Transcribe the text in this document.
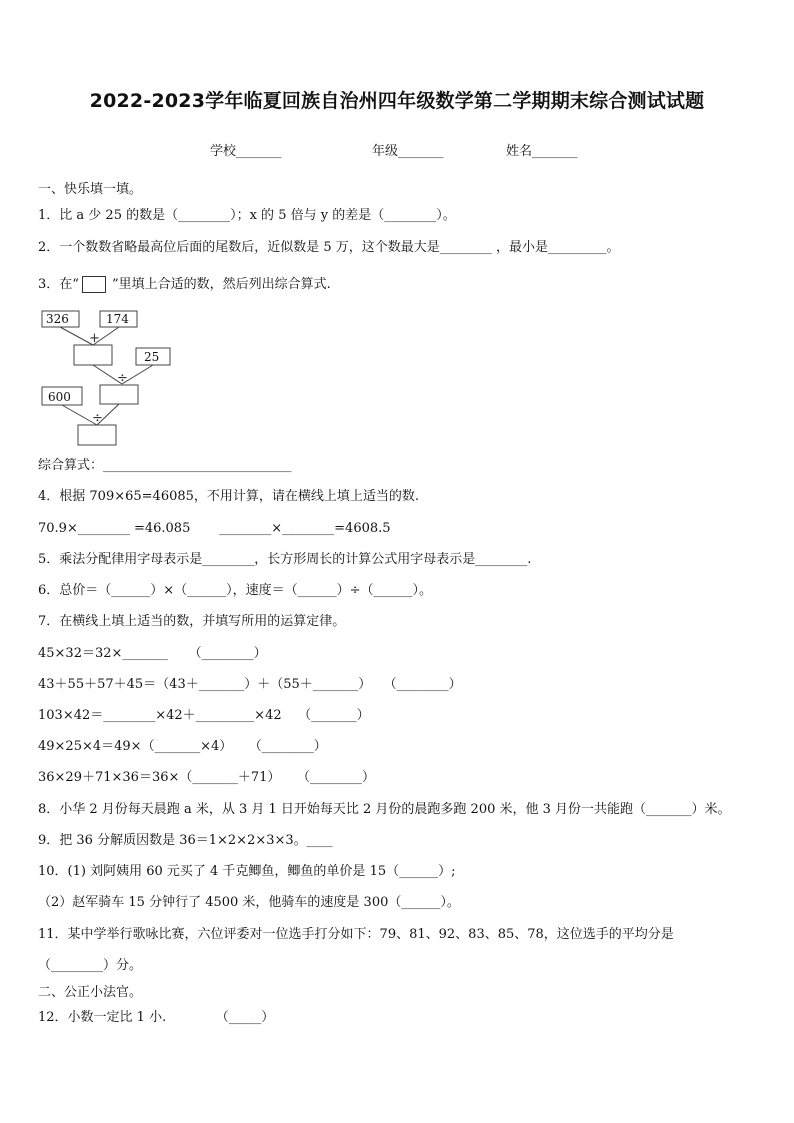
2022-2023学年临夏回族自治州四年级数学第二学期期末综合测试试题
学校_______	年级_______	姓名_______
一、快乐填一填。
1．比 a 少 25 的数是（________）；x 的 5 倍与 y 的差是（________）。
2．一个数数省略最高位后面的尾数后，近似数是 5 万，这个数最大是________ ，最小是_________。
3．在“        ”里填上合适的数，然后列出综合算式.
326	174
25
600
+
÷
÷
综合算式：_____________________________
4．根据 709×65=46085，不用计算，请在横线上填上适当的数.
70.9×________ =46.085       ________×________=4608.5
5．乘法分配律用字母表示是________，长方形周长的计算公式用字母表示是________.
6．总价＝（______）×（______），速度＝（______）÷（______）。
7．在横线上填上适当的数，并填写所用的运算定律。
45×32＝32×_______     （________）
43＋55＋57＋45＝（43＋_______）＋（55＋_______）   （________）
103×42＝________×42＋_________×42    （_______）
49×25×4＝49×（_______×4）    （________）
36×29＋71×36＝36×（_______＋71）    （________）
8．小华 2 月份每天晨跑 a 米，从 3 月 1 日开始每天比 2 月份的晨跑多跑 200 米，他 3 月份一共能跑（_______）米。
9．把 36 分解质因数是 36＝1×2×2×3×3。____
10．(1) 刘阿姨用 60 元买了 4 千克鲫鱼，鲫鱼的单价是 15（______）;
（2）赵军骑车 15 分钟行了 4500 米，他骑车的速度是 300（______）。
11．某中学举行歌咏比赛，六位评委对一位选手打分如下：79、81、92、83、85、78，这位选手的平均分是
（________）分。
二、公正小法官。
12．小数一定比 1 小.            （_____）
